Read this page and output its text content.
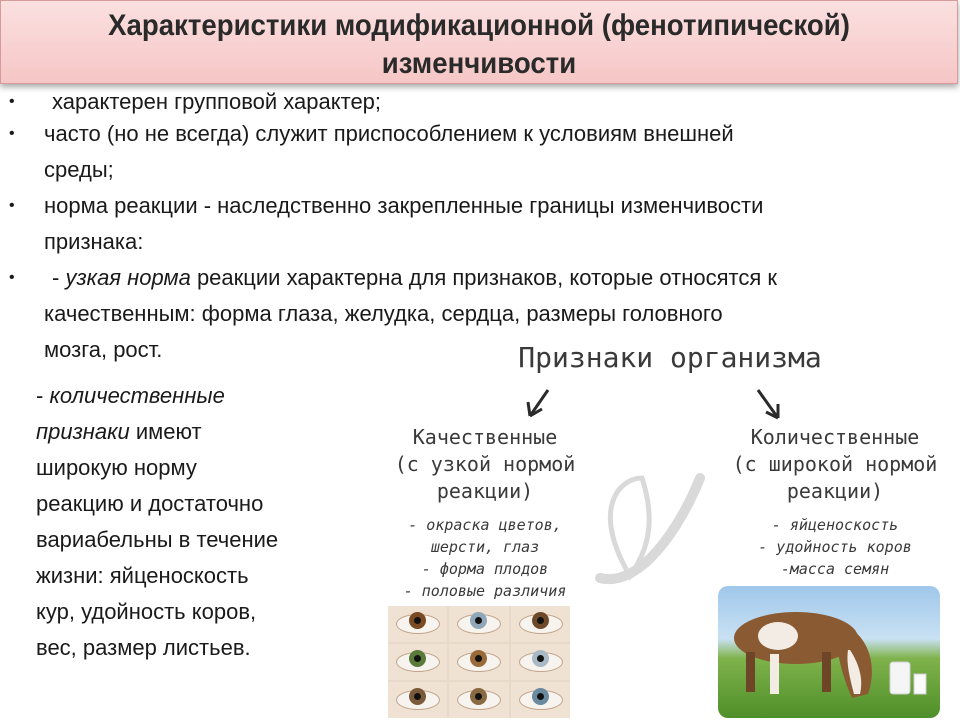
Характеристики модификационной (фенотипической)
изменчивости
• характерен групповой характер;
• часто (но не всегда) служит приспособлением к условиям внешней
среды;
• норма реакции - наследственно закрепленные границы изменчивости
признака:
•	- узкая норма реакции характерна для признаков, которые относятся к
качественным: форма глаза, желудка, сердца, размеры головного
мозга, рост.
- количественные
признаки имеют
широкую норму
реакцию и достаточно
вариабельны в течение
жизни: яйценоскость
кур, удойность коров,
вес, размер листьев.
Признаки организма
Качественные
(с узкой нормой
реакции)
- окраска цветов,
шерсти, глаз
- форма плодов
- половые различия
Количественные
(с широкой нормой
реакции)
- яйценоскость
- удойность коров
-масса семян
